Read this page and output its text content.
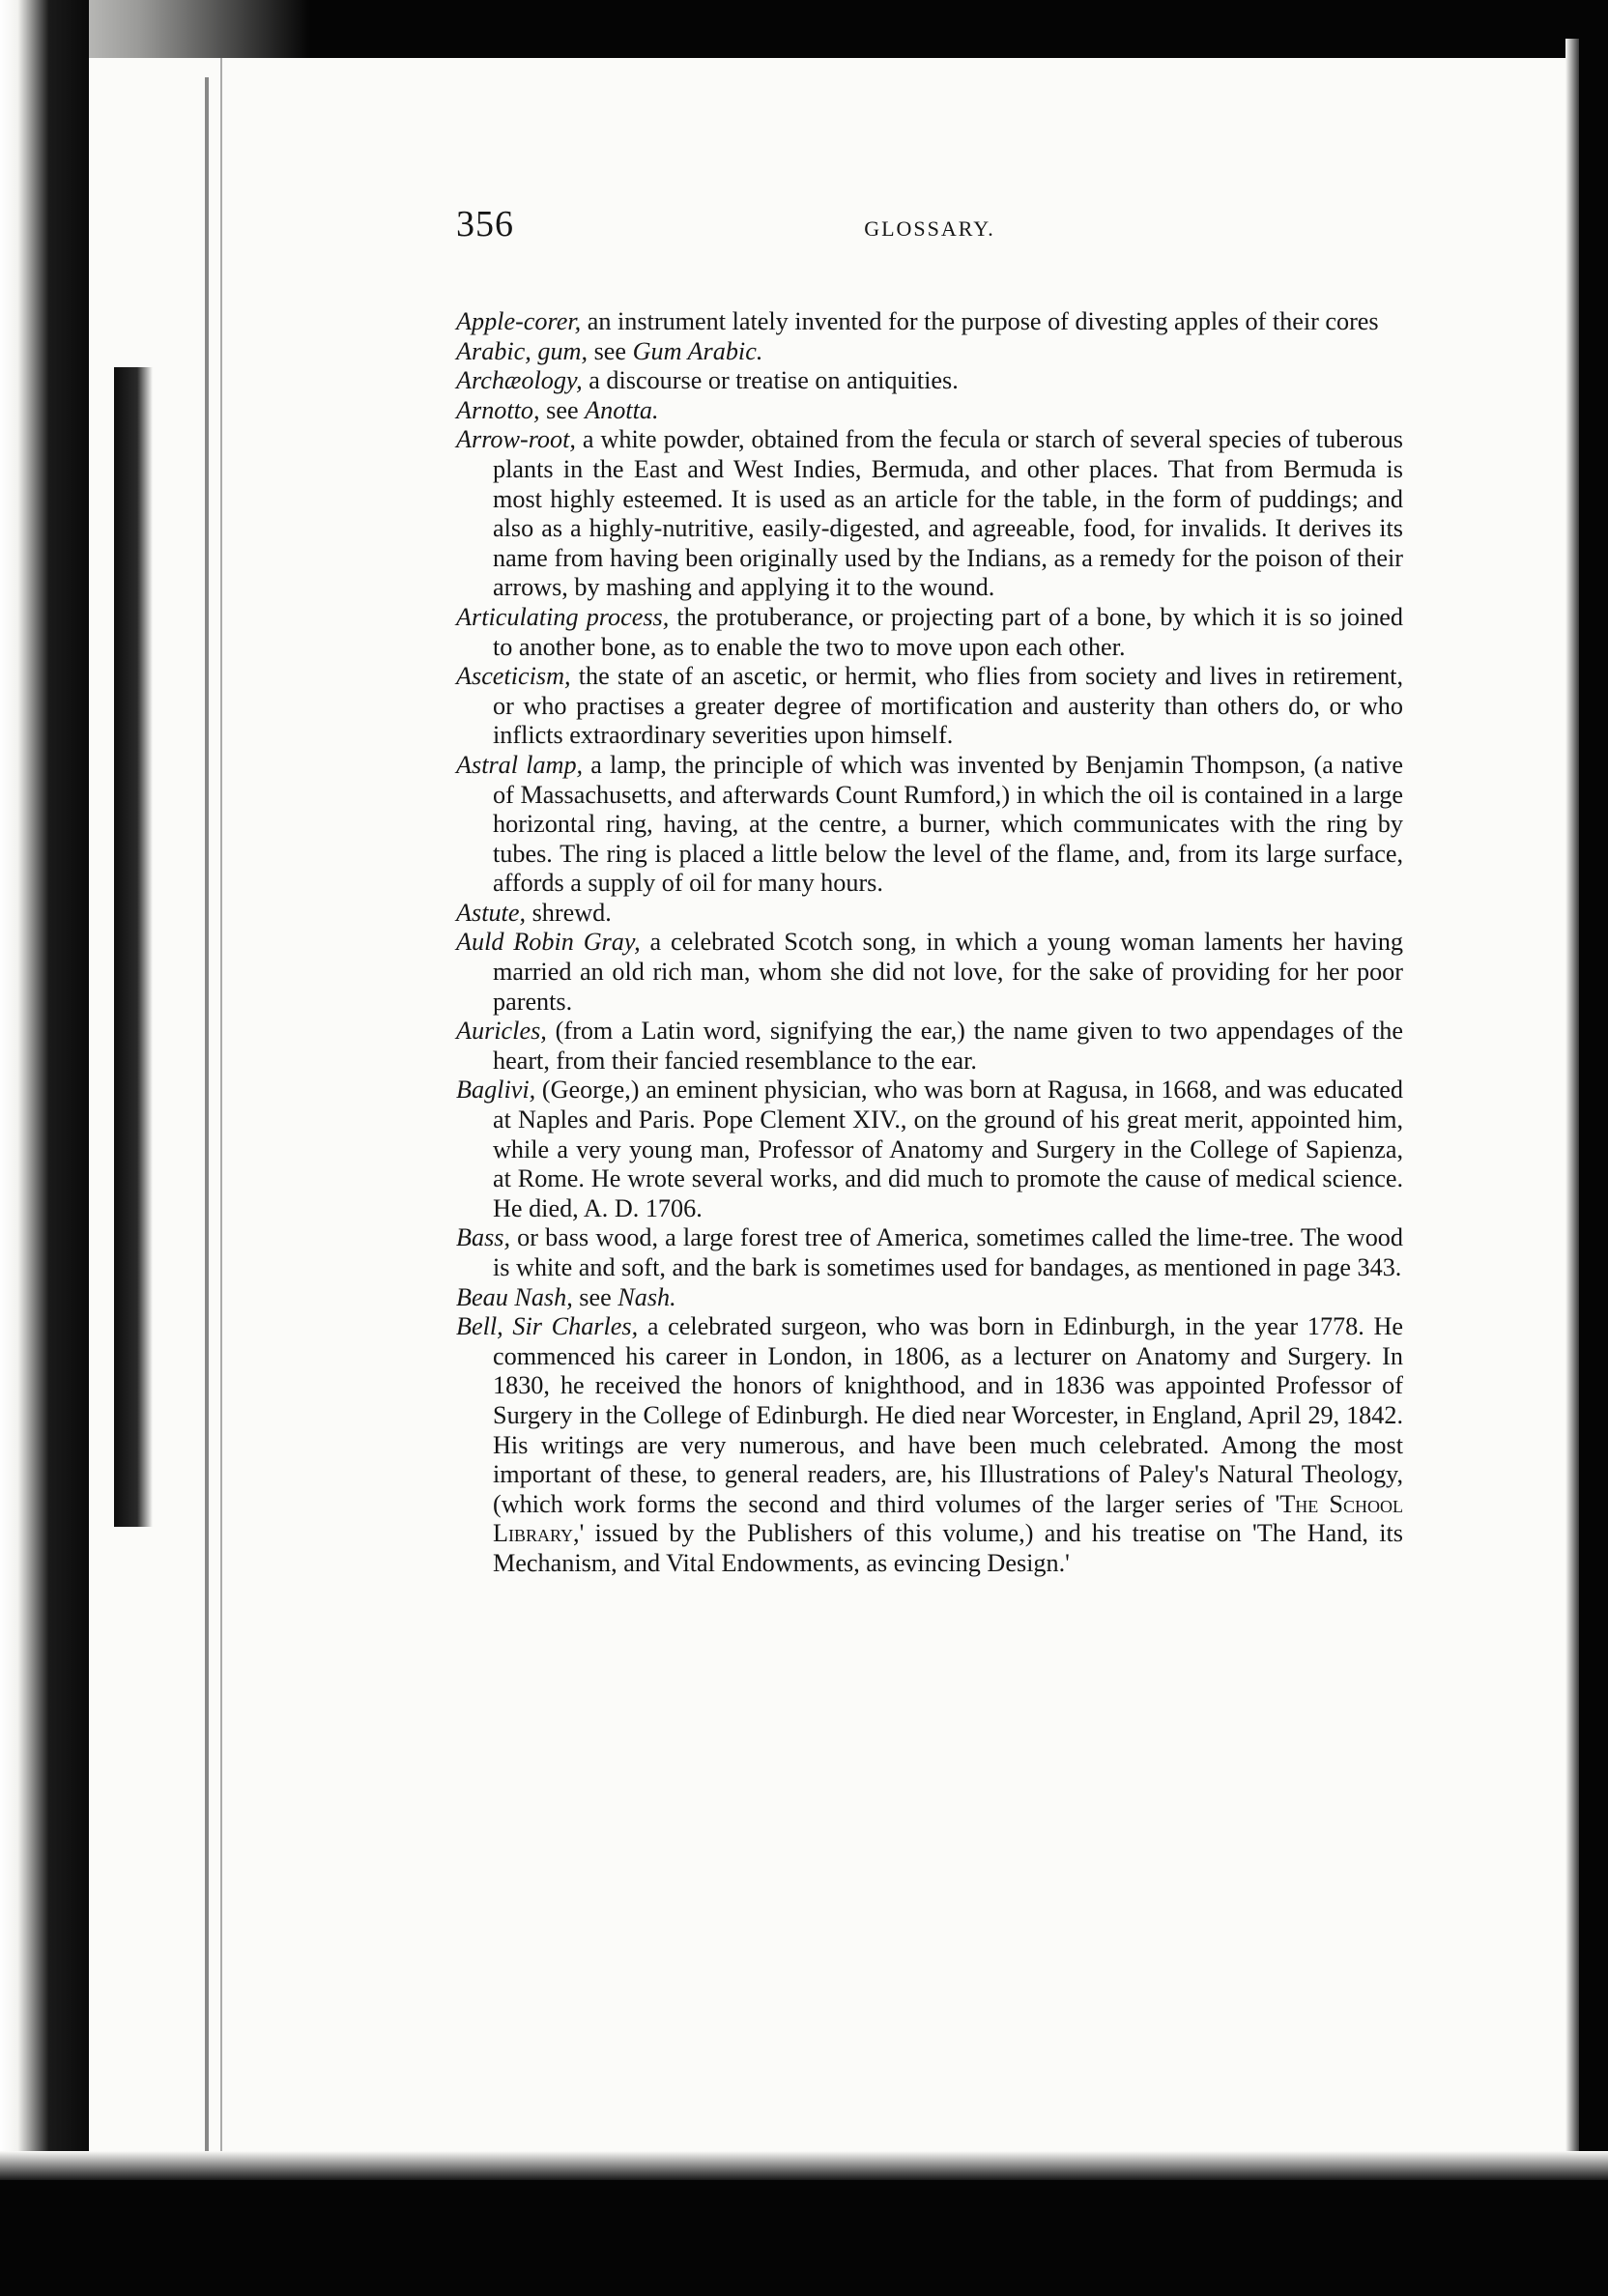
356	GLOSSARY.

Apple-corer, an instrument lately invented for the purpose of divesting apples of their cores

Arabic, gum, see Gum Arabic.

Archæology, a discourse or treatise on antiquities.

Arnotto, see Anotta.

Arrow-root, a white powder, obtained from the fecula or starch of several species of tuberous plants in the East and West Indies, Bermuda, and other places. That from Bermuda is most highly esteemed. It is used as an article for the table, in the form of puddings; and also as a highly-nutritive, easily-digested, and agreeable, food, for invalids. It derives its name from having been originally used by the Indians, as a remedy for the poison of their arrows, by mashing and applying it to the wound.

Articulating process, the protuberance, or projecting part of a bone, by which it is so joined to another bone, as to enable the two to move upon each other.

Asceticism, the state of an ascetic, or hermit, who flies from society and lives in retirement, or who practises a greater degree of mortification and austerity than others do, or who inflicts extraordinary severities upon himself.

Astral lamp, a lamp, the principle of which was invented by Benjamin Thompson, (a native of Massachusetts, and afterwards Count Rumford,) in which the oil is contained in a large horizontal ring, having, at the centre, a burner, which communicates with the ring by tubes. The ring is placed a little below the level of the flame, and, from its large surface, affords a supply of oil for many hours.

Astute, shrewd.

Auld Robin Gray, a celebrated Scotch song, in which a young woman laments her having married an old rich man, whom she did not love, for the sake of providing for her poor parents.

Auricles, (from a Latin word, signifying the ear,) the name given to two appendages of the heart, from their fancied resemblance to the ear.

Baglivi, (George,) an eminent physician, who was born at Ragusa, in 1668, and was educated at Naples and Paris. Pope Clement XIV., on the ground of his great merit, appointed him, while a very young man, Professor of Anatomy and Surgery in the College of Sapienza, at Rome. He wrote several works, and did much to promote the cause of medical science. He died, A. D. 1706.

Bass, or bass wood, a large forest tree of America, sometimes called the lime-tree. The wood is white and soft, and the bark is sometimes used for bandages, as mentioned in page 343.

Beau Nash, see Nash.

Bell, Sir Charles, a celebrated surgeon, who was born in Edinburgh, in the year 1778. He commenced his career in London, in 1806, as a lecturer on Anatomy and Surgery. In 1830, he received the honors of knighthood, and in 1836 was appointed Professor of Surgery in the College of Edinburgh. He died near Worcester, in England, April 29, 1842. His writings are very numerous, and have been much celebrated. Among the most important of these, to general readers, are, his Illustrations of Paley's Natural Theology, (which work forms the second and third volumes of the larger series of 'The School Library,' issued by the Publishers of this volume,) and his treatise on 'The Hand, its Mechanism, and Vital Endowments, as evincing Design.'
